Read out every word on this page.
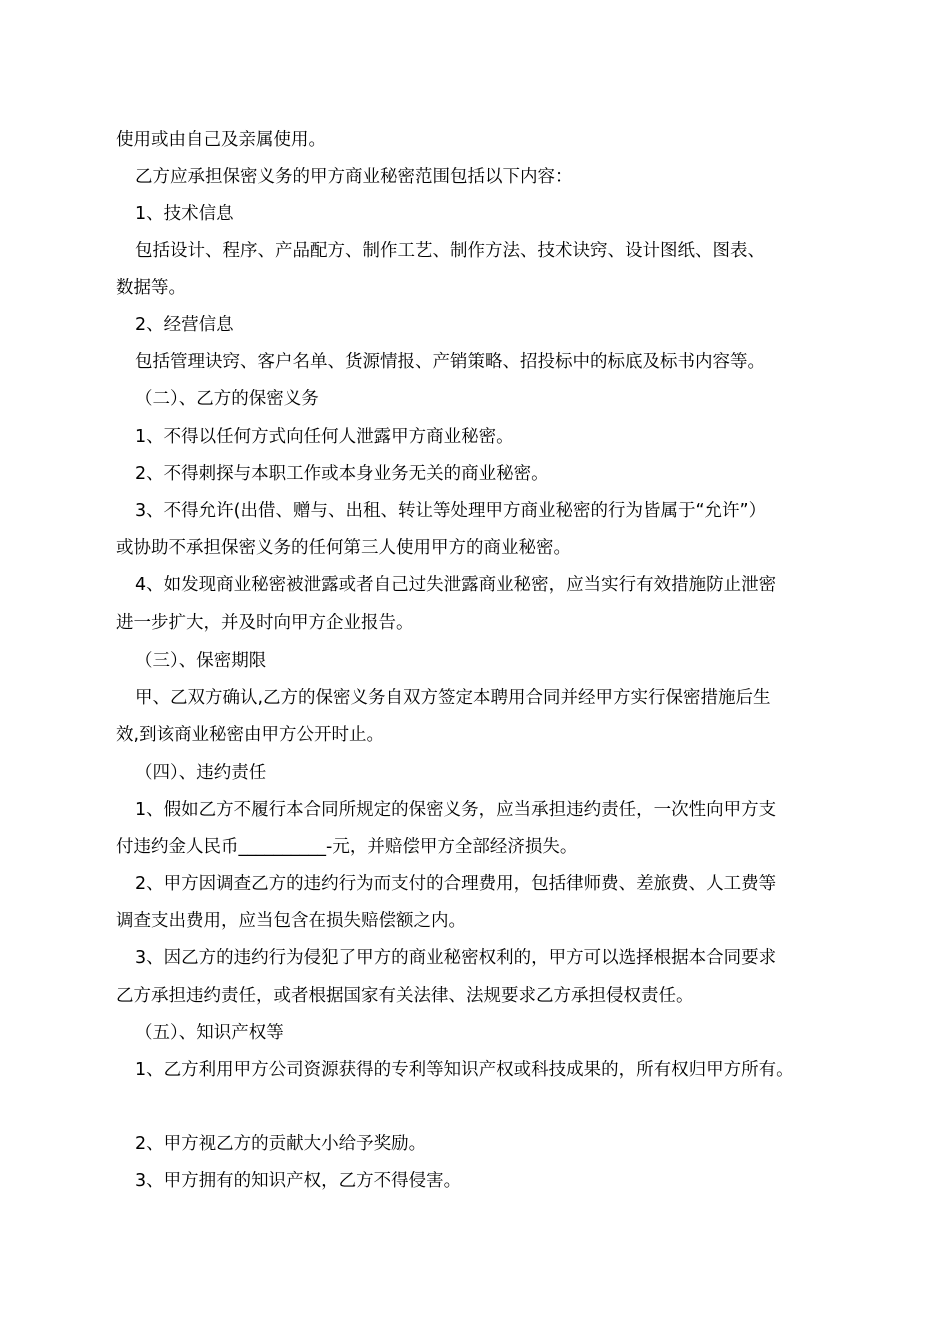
使用或由自己及亲属使用。

乙方应承担保密义务的甲方商业秘密范围包括以下内容：

1、技术信息

包括设计、程序、产品配方、制作工艺、制作方法、技术诀窍、设计图纸、图表、

数据等。

2、经营信息

包括管理诀窍、客户名单、货源情报、产销策略、招投标中的标底及标书内容等。

（二）、乙方的保密义务

1、不得以任何方式向任何人泄露甲方商业秘密。

2、不得刺探与本职工作或本身业务无关的商业秘密。

3、不得允许(出借、赠与、出租、转让等处理甲方商业秘密的行为皆属于“允许”）

或协助不承担保密义务的任何第三人使用甲方的商业秘密。

4、如发现商业秘密被泄露或者自己过失泄露商业秘密，应当实行有效措施防止泄密

进一步扩大，并及时向甲方企业报告。

（三）、保密期限

甲、乙双方确认,乙方的保密义务自双方签定本聘用合同并经甲方实行保密措施后生

效,到该商业秘密由甲方公开时止。

（四）、违约责任

1、假如乙方不履行本合同所规定的保密义务，应当承担违约责任，一次性向甲方支

付违约金人民币__________-元，并赔偿甲方全部经济损失。

2、甲方因调查乙方的违约行为而支付的合理费用，包括律师费、差旅费、人工费等

调查支出费用，应当包含在损失赔偿额之内。

3、因乙方的违约行为侵犯了甲方的商业秘密权利的，甲方可以选择根据本合同要求

乙方承担违约责任，或者根据国家有关法律、法规要求乙方承担侵权责任。

（五）、知识产权等

1、乙方利用甲方公司资源获得的专利等知识产权或科技成果的，所有权归甲方所有。

2、甲方视乙方的贡献大小给予奖励。

3、甲方拥有的知识产权，乙方不得侵害。
